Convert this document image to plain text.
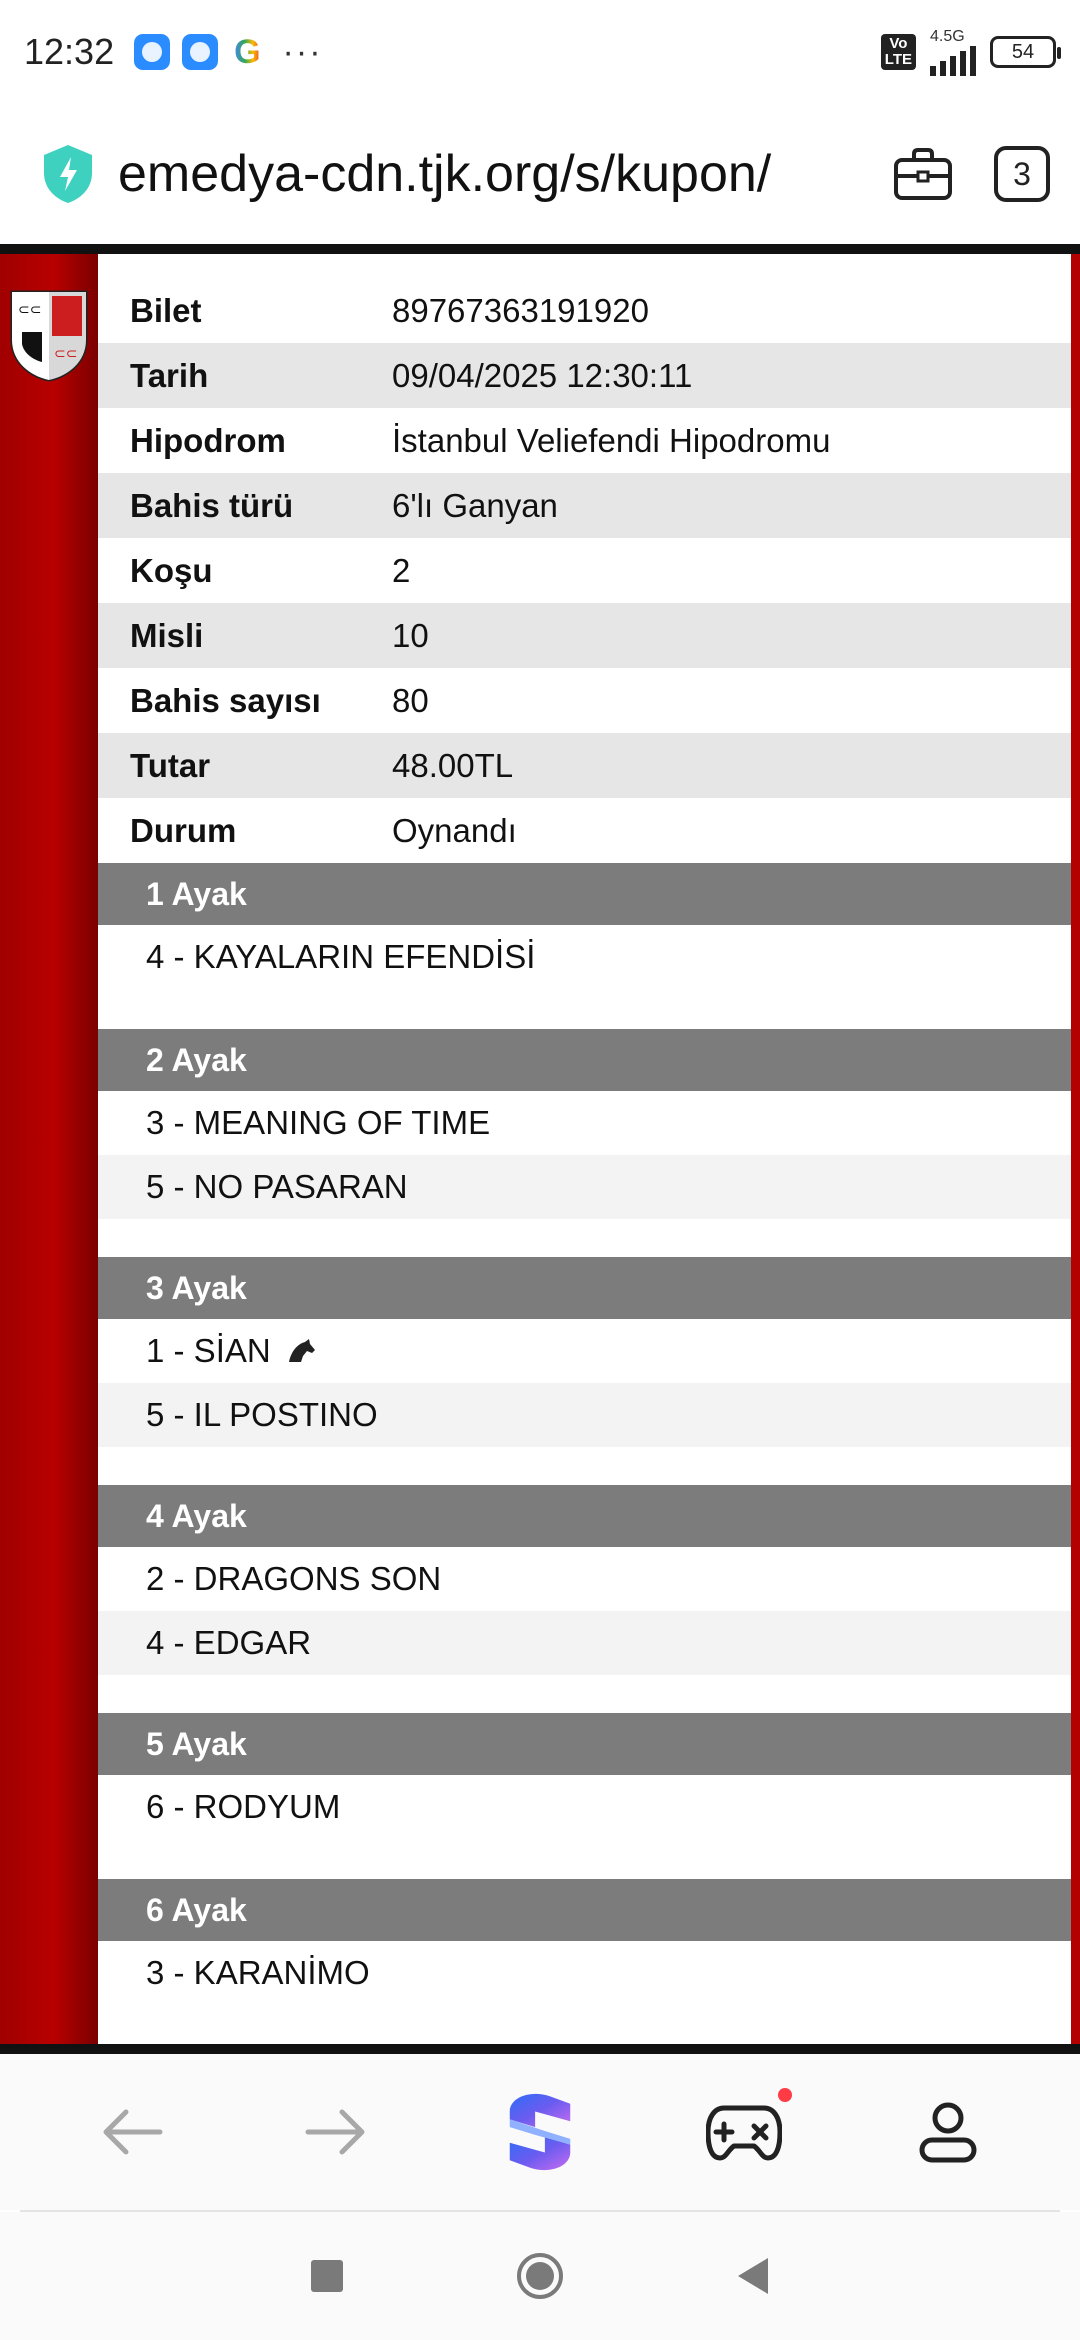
12:32	G ···	Vo
LTE
4.5G
54
emedya-cdn.tjk.org/s/kupon/	3
⊂⊂
⊂⊂
Bilet	89767363191920
Tarih	09/04/2025 12:30:11
Hipodrom	İstanbul Veliefendi Hipodromu
Bahis türü	6'lı Ganyan
Koşu	2
Misli	10
Bahis sayısı	80
Tutar	48.00TL
Durum	Oynandı
1 Ayak
4 - KAYALARIN EFENDİSİ
2 Ayak
3 - MEANING OF TIME
5 - NO PASARAN
3 Ayak
1 - SİAN
5 - IL POSTINO
4 Ayak
2 - DRAGONS SON
4 - EDGAR
5 Ayak
6 - RODYUM
6 Ayak
3 - KARANİMO
